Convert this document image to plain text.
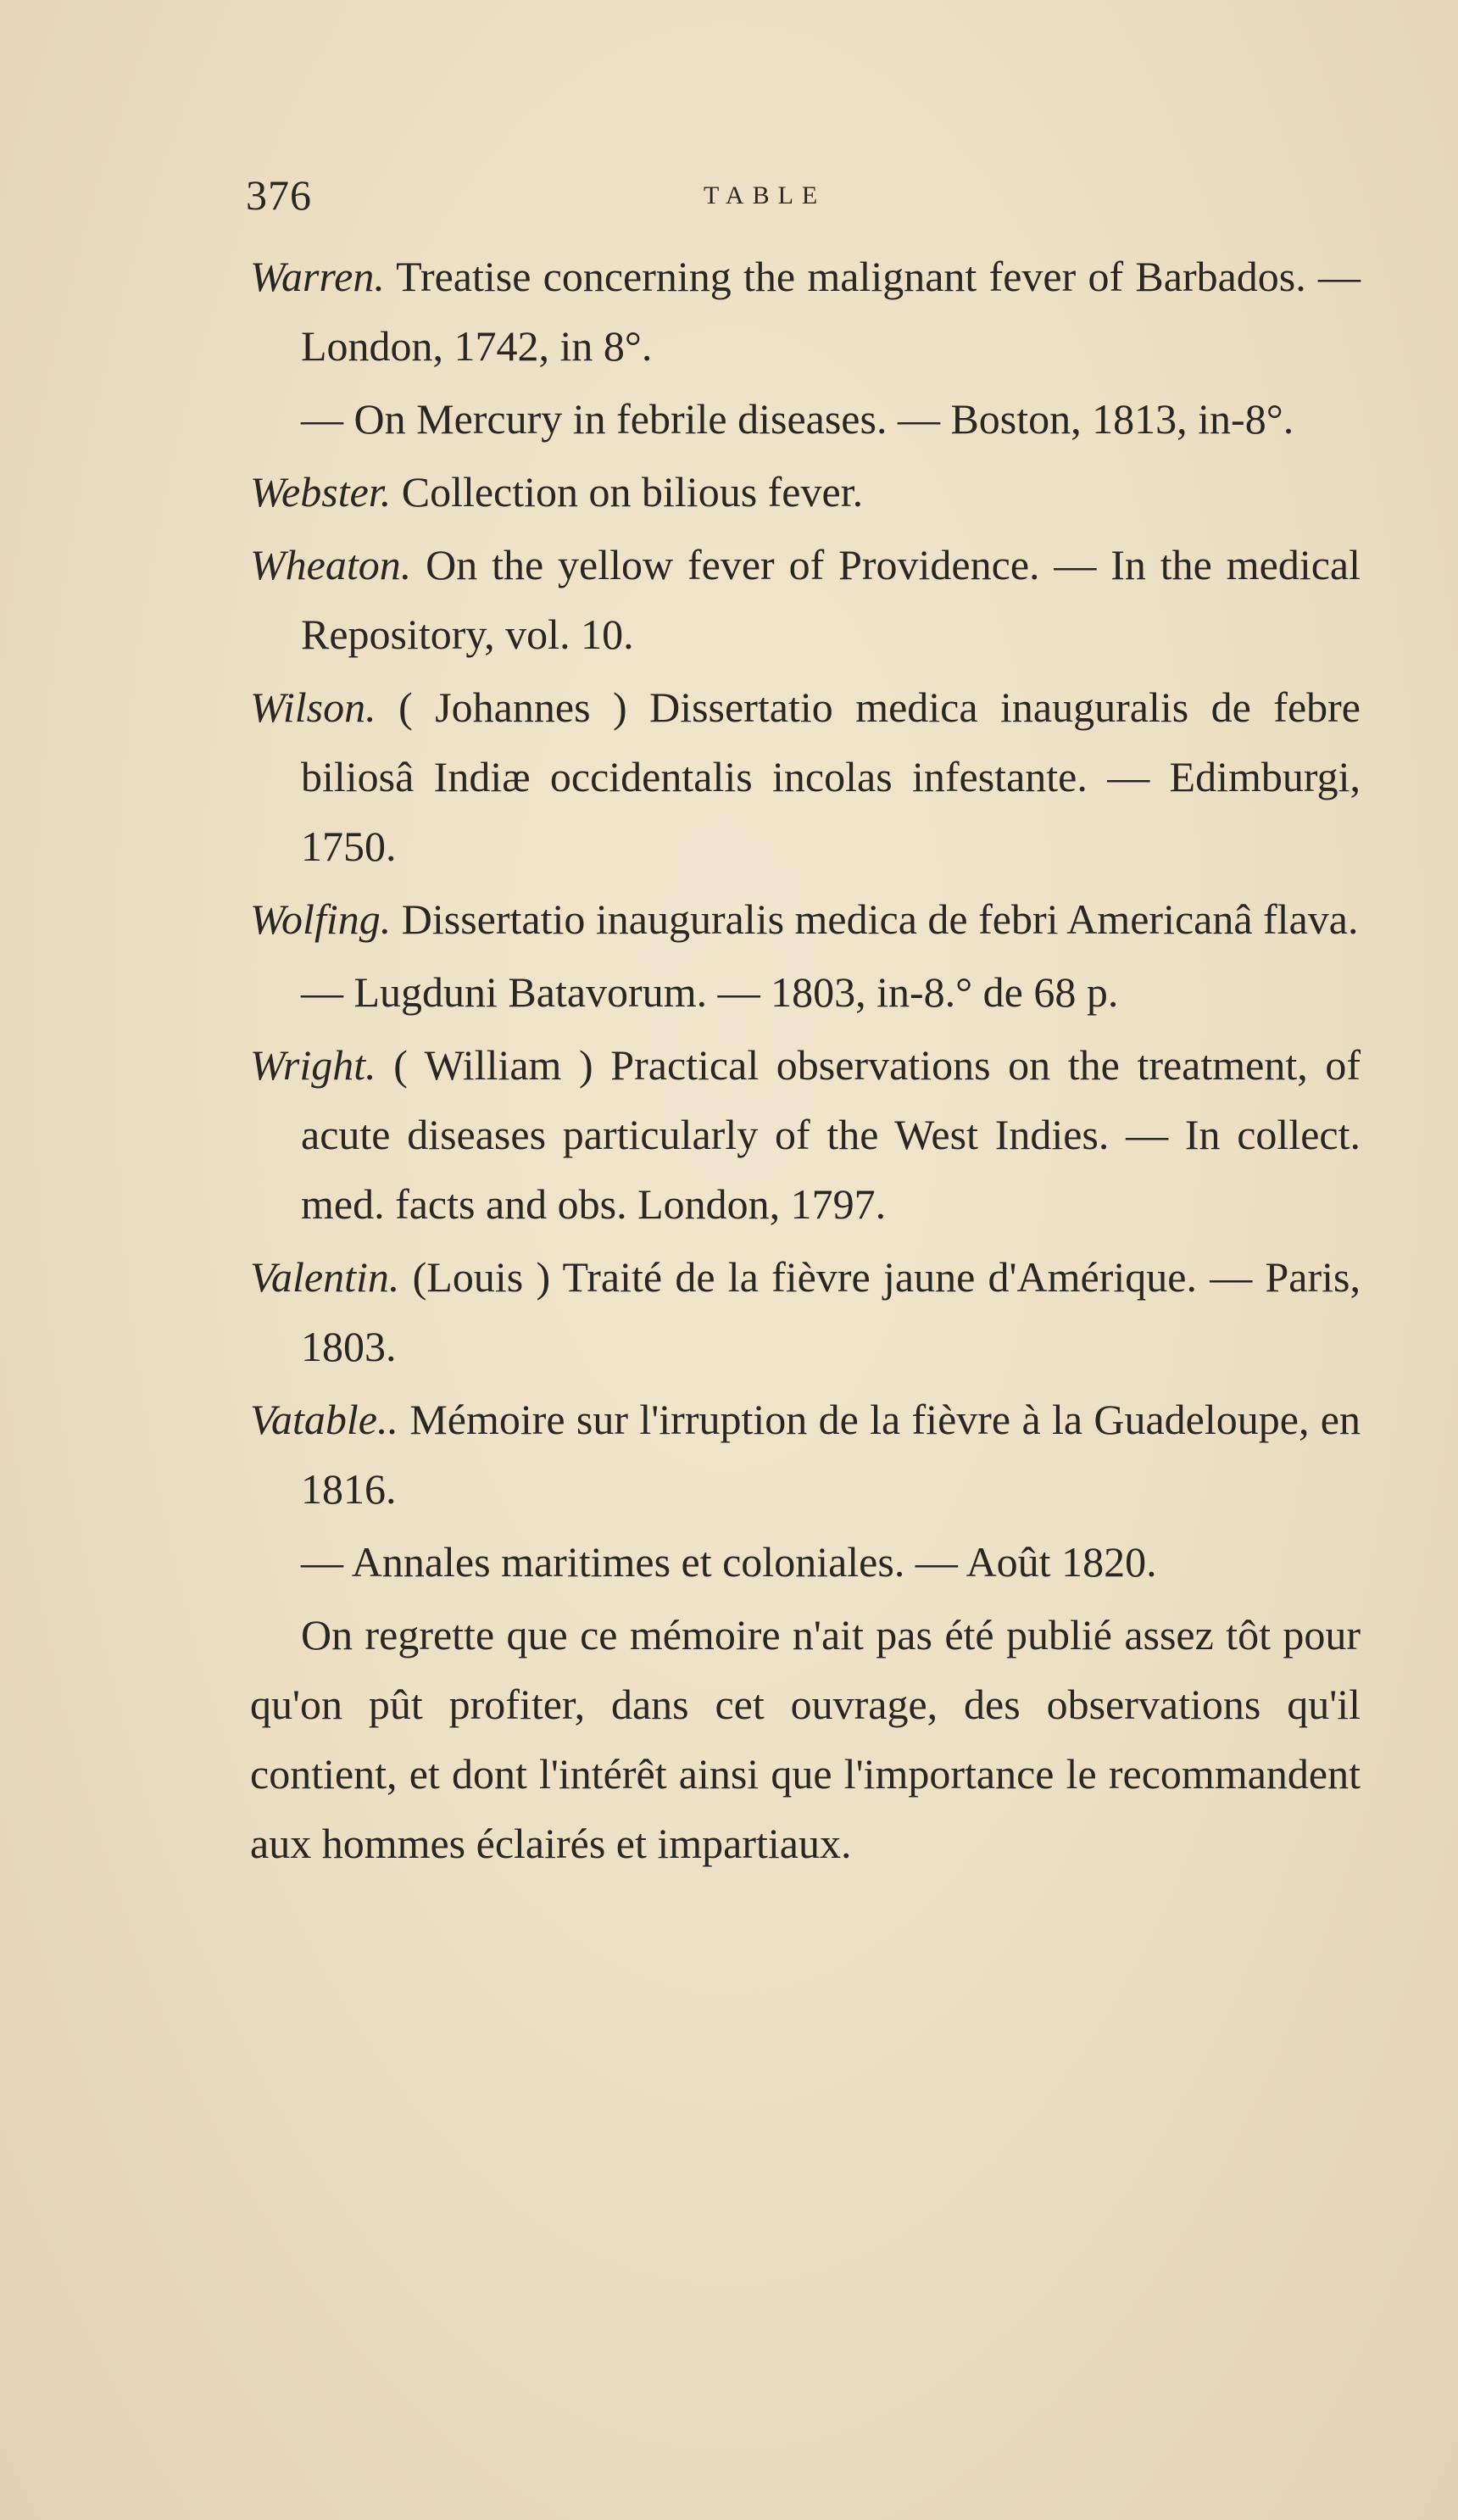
376	TABLE

Warren. Treatise concerning the malignant fever of Barbados. — London, 1742, in 8°.

— On Mercury in febrile diseases. — Boston, 1813, in-8°.

Webster. Collection on bilious fever.

Wheaton. On the yellow fever of Providence. — In the medical Repository, vol. 10.

Wilson. ( Johannes ) Dissertatio medica inauguralis de febre biliosâ Indiæ occidentalis incolas infestante. — Edimburgi, 1750.

Wolfing. Dissertatio inauguralis medica de febri Americanâ flava.

— Lugduni Batavorum. — 1803, in-8.° de 68 p.

Wright. ( William ) Practical observations on the treatment, of acute diseases particularly of the West Indies. — In collect. med. facts and obs. London, 1797.

Valentin. (Louis ) Traité de la fièvre jaune d'Amérique. — Paris, 1803.

Vatable.. Mémoire sur l'irruption de la fièvre à la Guadeloupe, en 1816.

— Annales maritimes et coloniales. — Août 1820.

On regrette que ce mémoire n'ait pas été publié assez tôt pour qu'on pût profiter, dans cet ouvrage, des observations qu'il contient, et dont l'intérêt ainsi que l'importance le recommandent aux hommes éclairés et impartiaux.
